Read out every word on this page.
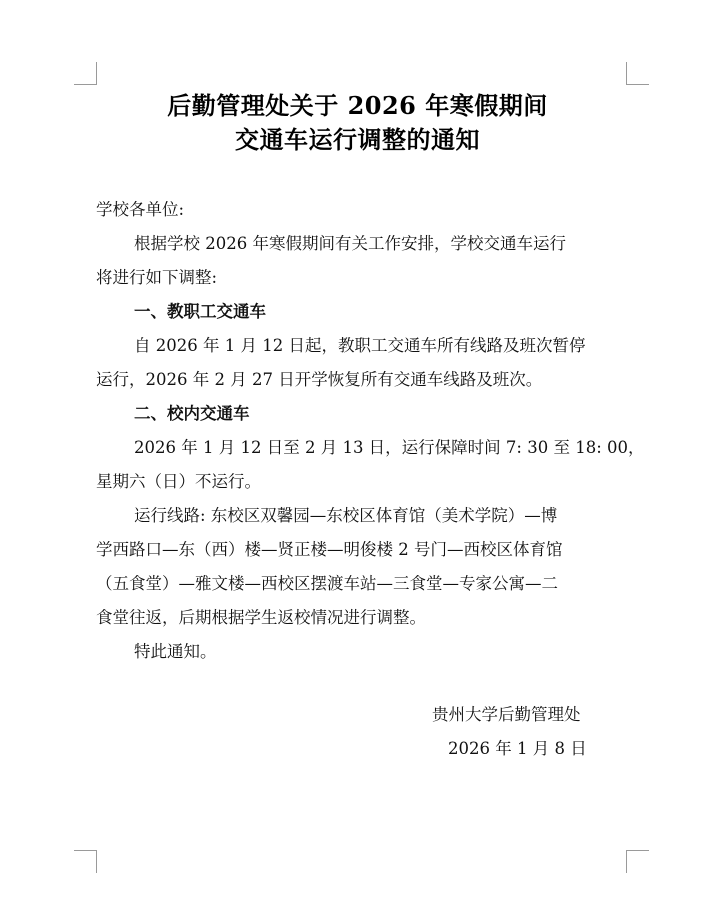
后勤管理处关于 2026 年寒假期间
交通车运行调整的通知
学校各单位:
根据学校 2026 年寒假期间有关工作安排，学校交通车运行
将进行如下调整:
一、教职工交通车
自 2026 年 1 月 12 日起，教职工交通车所有线路及班次暂停
运行，2026 年 2 月 27 日开学恢复所有交通车线路及班次。
二、校内交通车
2026 年 1 月 12 日至 2 月 13 日，运行保障时间 7: 30 至 18: 00，
星期六（日）不运行。
运行线路: 东校区双馨园—东校区体育馆（美术学院）—博
学西路口—东（西）楼—贤正楼—明俊楼 2 号门—西校区体育馆
（五食堂）—雅文楼—西校区摆渡车站—三食堂—专家公寓—二
食堂往返，后期根据学生返校情况进行调整。
特此通知。
贵州大学后勤管理处
2026 年 1 月 8 日
